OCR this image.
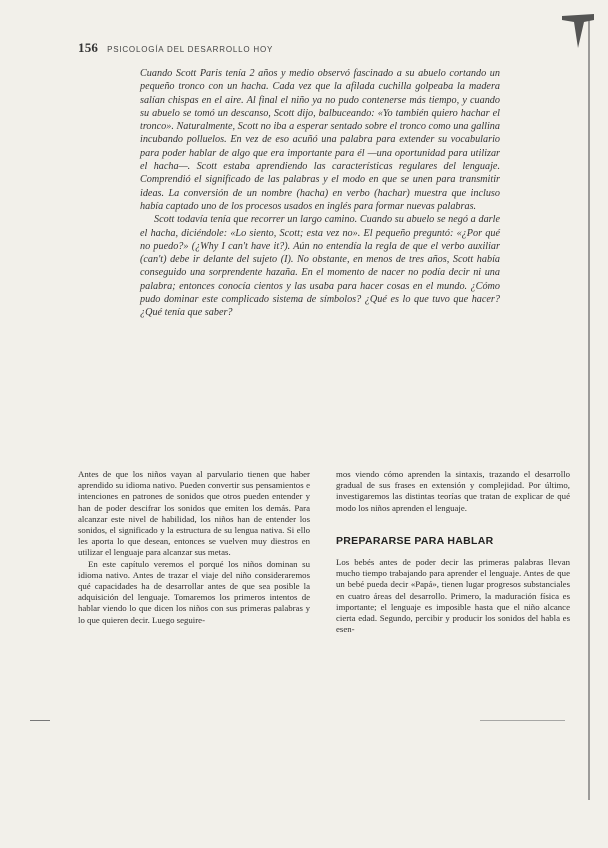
156 PSICOLOGÍA DEL DESARROLLO HOY

Cuando Scott Paris tenía 2 años y medio observó fascinado a su abuelo cortando un pequeño tronco con un hacha. Cada vez que la afilada cuchilla golpeaba la madera salían chispas en el aire. Al final el niño ya no pudo contenerse más tiempo, y cuando su abuelo se tomó un descanso, Scott dijo, balbuceando: «Yo también quiero hachar el tronco». Naturalmente, Scott no iba a esperar sentado sobre el tronco como una gallina incubando polluelos. En vez de eso acuñó una palabra para extender su vocabulario para poder hablar de algo que era importante para él —una oportunidad para utilizar el hacha—. Scott estaba aprendiendo las características regulares del lenguaje. Comprendió el significado de las palabras y el modo en que se unen para transmitir ideas. La conversión de un nombre (hacha) en verbo (hachar) muestra que incluso había captado uno de los procesos usados en inglés para formar nuevas palabras.

Scott todavía tenía que recorrer un largo camino. Cuando su abuelo se negó a darle el hacha, diciéndole: «Lo siento, Scott; esta vez no». El pequeño preguntó: «¿Por qué no puedo?» (¿Why I can't have it?). Aún no entendía la regla de que el verbo auxiliar (can't) debe ir delante del sujeto (I). No obstante, en menos de tres años, Scott había conseguido una sorprendente hazaña. En el momento de nacer no podía decir ni una palabra; entonces conocía cientos y las usaba para hacer cosas en el mundo. ¿Cómo pudo dominar este complicado sistema de símbolos? ¿Qué es lo que tuvo que hacer? ¿Qué tenía que saber?

Antes de que los niños vayan al parvulario tienen que haber aprendido su idioma nativo. Pueden convertir sus pensamientos e intenciones en patrones de sonidos que otros pueden entender y han de poder descifrar los sonidos que emiten los demás. Para alcanzar este nivel de habilidad, los niños han de entender los sonidos, el significado y la estructura de su lengua nativa. Si ello les aporta lo que desean, entonces se vuelven muy diestros en utilizar el lenguaje para alcanzar sus metas.

En este capítulo veremos el porqué los niños dominan su idioma nativo. Antes de trazar el viaje del niño consideraremos qué capacidades ha de desarrollar antes de que sea posible la adquisición del lenguaje. Tomaremos los primeros intentos de hablar viendo lo que dicen los niños con sus primeras palabras y lo que quieren decir. Luego seguire-

mos viendo cómo aprenden la sintaxis, trazando el desarrollo gradual de sus frases en extensión y complejidad. Por último, investigaremos las distintas teorías que tratan de explicar de qué modo los niños aprenden el lenguaje.

PREPARARSE PARA HABLAR

Los bebés antes de poder decir las primeras palabras llevan mucho tiempo trabajando para aprender el lenguaje. Antes de que un bebé pueda decir «Papá», tienen lugar progresos substanciales en cuatro áreas del desarrollo. Primero, la maduración física es importante; el lenguaje es imposible hasta que el niño alcance cierta edad. Segundo, percibir y producir los sonidos del habla es esen-
